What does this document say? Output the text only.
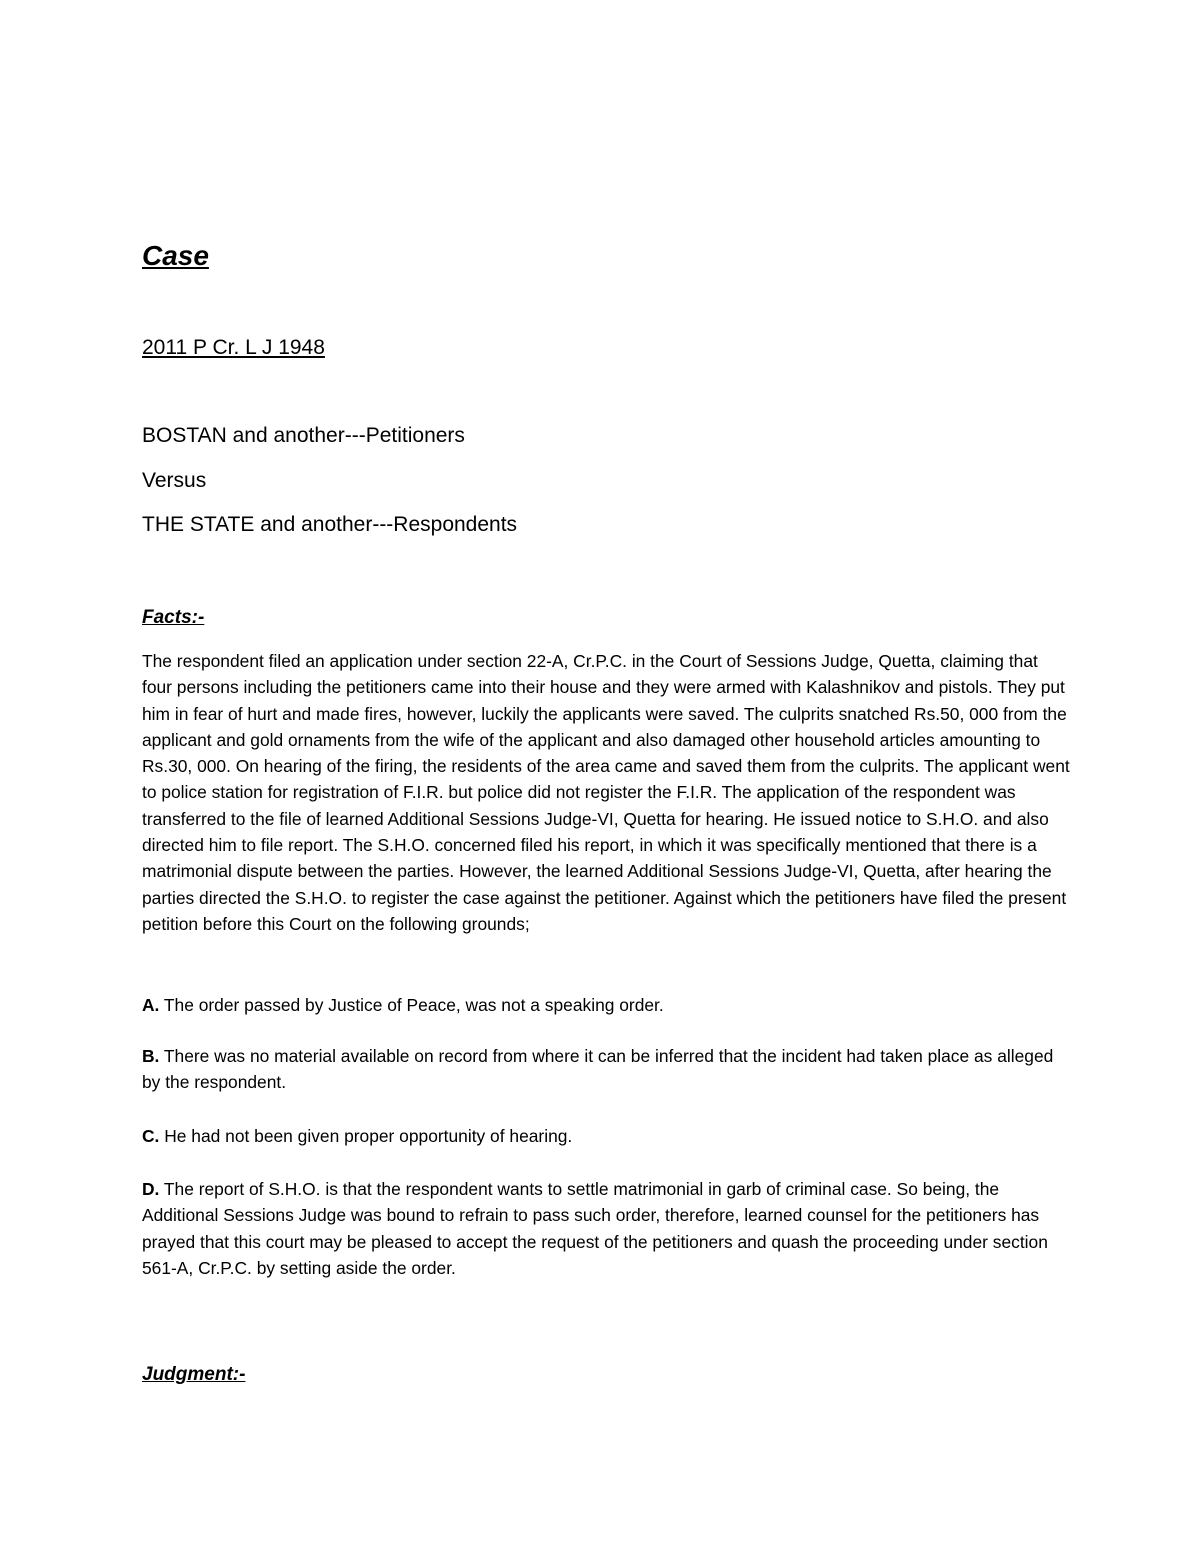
Case

2011 P Cr. L J 1948

BOSTAN and another---Petitioners

Versus

THE STATE and another---Respondents

Facts:-

The respondent filed an application under section 22-A, Cr.P.C. in the Court of Sessions Judge, Quetta, claiming that four persons including the petitioners came into their house and they were armed with Kalashnikov and pistols. They put him in fear of hurt and made fires, however, luckily the applicants were saved. The culprits snatched Rs.50, 000 from the applicant and gold ornaments from the wife of the applicant and also damaged other household articles amounting to Rs.30, 000. On hearing of the firing, the residents of the area came and saved them from the culprits. The applicant went to police station for registration of F.I.R. but police did not register the F.I.R. The application of the respondent was transferred to the file of learned Additional Sessions Judge-VI, Quetta for hearing. He issued notice to S.H.O. and also directed him to file report. The S.H.O. concerned filed his report, in which it was specifically mentioned that there is a matrimonial dispute between the parties. However, the learned Additional Sessions Judge-VI, Quetta, after hearing the parties directed the S.H.O. to register the case against the petitioner. Against which the petitioners have filed the present petition before this Court on the following grounds;

A. The order passed by Justice of Peace, was not a speaking order.

B. There was no material available on record from where it can be inferred that the incident had taken place as alleged by the respondent.

C. He had not been given proper opportunity of hearing.

D. The report of S.H.O. is that the respondent wants to settle matrimonial in garb of criminal case. So being, the Additional Sessions Judge was bound to refrain to pass such order, therefore, learned counsel for the petitioners has prayed that this court may be pleased to accept the request of the petitioners and quash the proceeding under section 561-A, Cr.P.C. by setting aside the order.

Judgment:-
